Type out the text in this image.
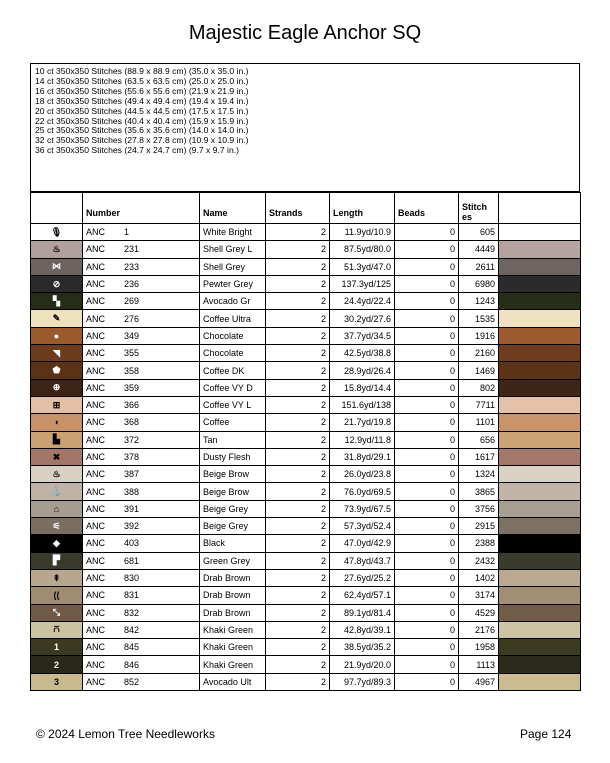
Majestic Eagle Anchor SQ
10 ct 350x350 Stitches (88.9 x 88.9 cm) (35.0 x 35.0 in.)
14 ct 350x350 Stitches (63.5 x 63.5 cm) (25.0 x 25.0 in.)
16 ct 350x350 Stitches (55.6 x 55.6 cm) (21.9 x 21.9 in.)
18 ct 350x350 Stitches (49.4 x 49.4 cm) (19.4 x 19.4 in.)
20 ct 350x350 Stitches (44.5 x 44.5 cm) (17.5 x 17.5 in.)
22 ct 350x350 Stitches (40.4 x 40.4 cm) (15.9 x 15.9 in.)
25 ct 350x350 Stitches (35.6 x 35.6 cm) (14.0 x 14.0 in.)
32 ct 350x350 Stitches (27.8 x 27.8 cm) (10.9 x 10.9 in.)
36 ct 350x350 Stitches (24.7 x 24.7 cm) (9.7 x 9.7 in.)
	Number	Name	Strands	Length	Beads	Stitch es	
🎙	ANC 1	White Bright	2	11.9yd/10.9	0	605	
♨	ANC 231	Shell Grey L	2	87.5yd/80.0	0	4449	
⋈	ANC 233	Shell Grey	2	51.3yd/47.0	0	2611	
⊘	ANC 236	Pewter Grey	2	137.3yd/125	0	6980	
▚	ANC 269	Avocado Gr	2	24.4yd/22.4	0	1243	
✎	ANC 276	Coffee Ultra	2	30.2yd/27.6	0	1535	
●	ANC 349	Chocolate	2	37.7yd/34.5	0	1916	
◥	ANC 355	Chocolate	2	42.5yd/38.8	0	2160	
⬟	ANC 358	Coffee DK	2	28.9yd/26.4	0	1469	
⊕	ANC 359	Coffee VY D	2	15.8yd/14.4	0	802	
⊞	ANC 366	Coffee VY L	2	151.6yd/138	0	7711	
◖	ANC 368	Coffee	2	21.7yd/19.8	0	1101	
▙	ANC 372	Tan	2	12.9yd/11.8	0	656	
✖	ANC 378	Dusty Flesh	2	31.8yd/29.1	0	1617	
♨	ANC 387	Beige Brow	2	26.0yd/23.8	0	1324	
⚓	ANC 388	Beige Brow	2	76.0yd/69.5	0	3865	
⌂	ANC 391	Beige Grey	2	73.9yd/67.5	0	3756	
⚟	ANC 392	Beige Grey	2	57.3yd/52.4	0	2915	
◆	ANC 403	Black	2	47.0yd/42.9	0	2388	
▛	ANC 681	Green Grey	2	47.8yd/43.7	0	2432	
⇞	ANC 830	Drab Brown	2	27.6yd/25.2	0	1402	
((	ANC 831	Drab Brown	2	62.4yd/57.1	0	3174	
⤡	ANC 832	Drab Brown	2	89.1yd/81.4	0	4529	
⩃	ANC 842	Khaki Green	2	42.8yd/39.1	0	2176	
1	ANC 845	Khaki Green	2	38.5yd/35.2	0	1958	
2	ANC 846	Khaki Green	2	21.9yd/20.0	0	1113	
3	ANC 852	Avocado Ult	2	97.7yd/89.3	0	4967	
© 2024 Lemon Tree Needleworks	Page 124
